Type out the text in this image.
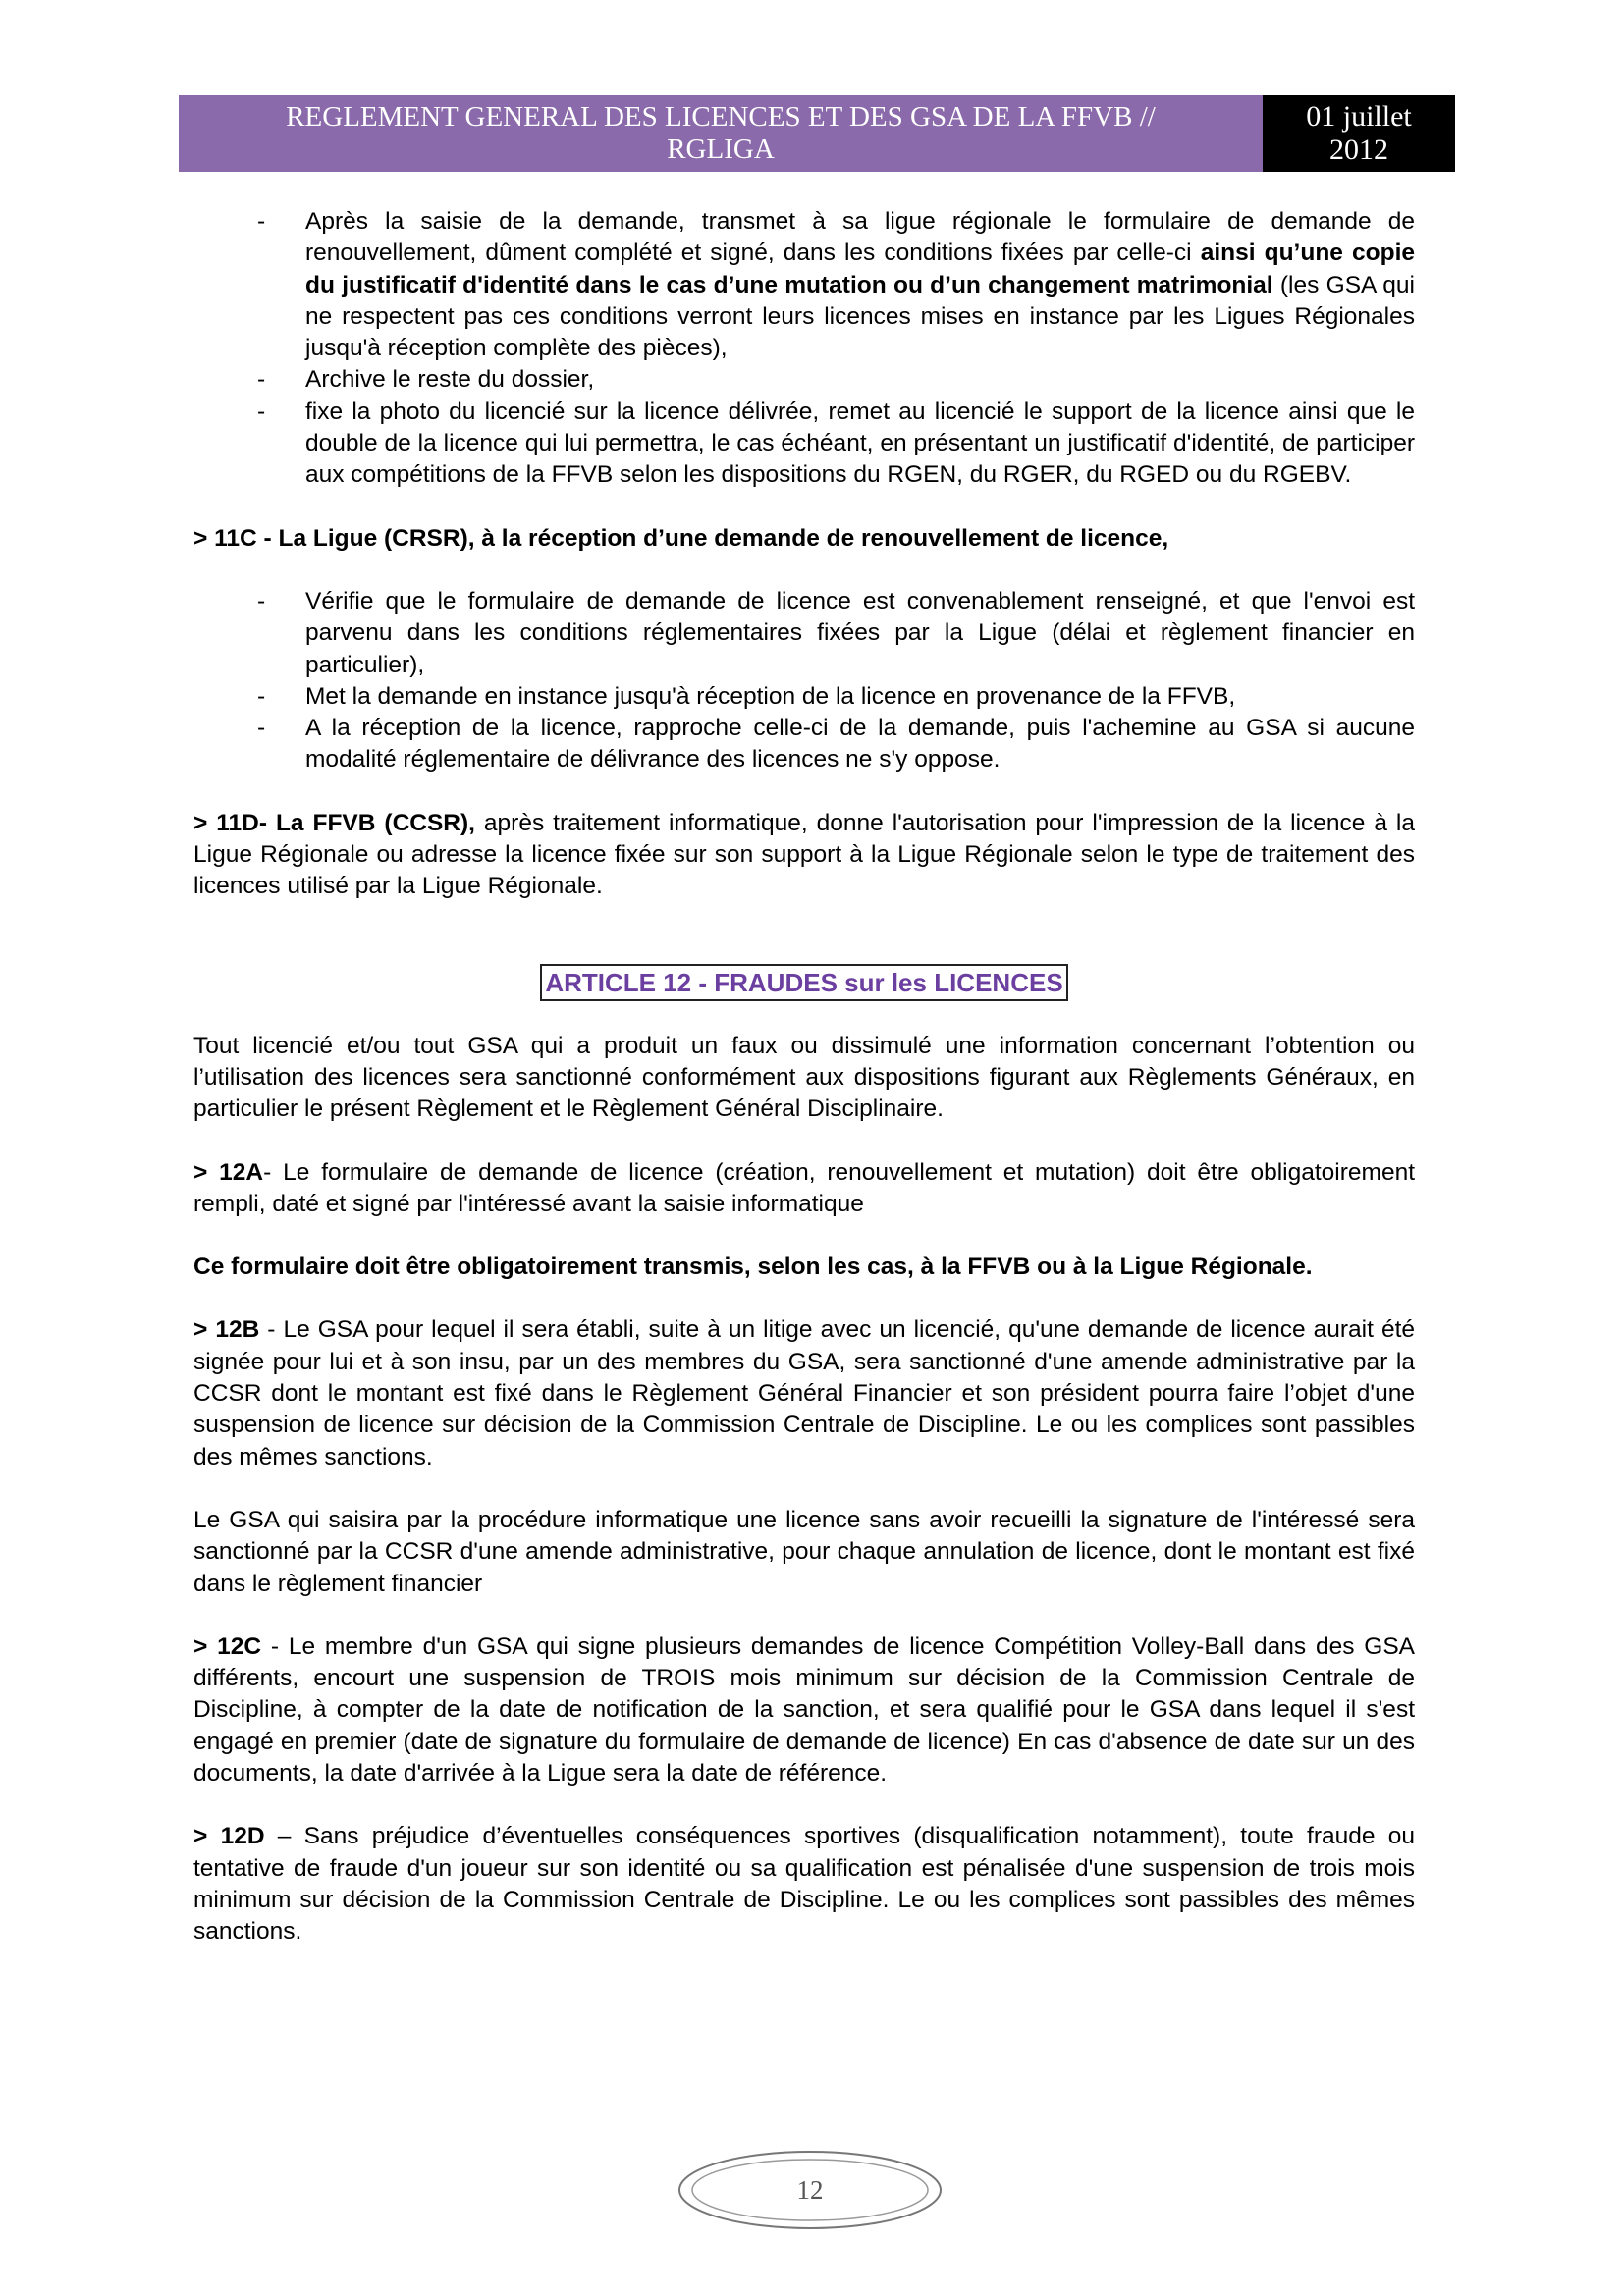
REGLEMENT GENERAL DES LICENCES ET DES GSA DE LA FFVB //
RGLIGA
01 juillet
2012
-	Après la saisie de la demande, transmet à sa ligue régionale le formulaire de demande de renouvellement, dûment complété et signé, dans les conditions fixées par celle-ci ainsi qu’une copie du justificatif d'identité dans le cas d’une mutation ou d’un changement matrimonial (les GSA qui ne respectent pas ces conditions verront leurs licences mises en instance par les Ligues Régionales jusqu'à réception complète des pièces),
-	Archive le reste du dossier,
-	fixe la photo du licencié sur la licence délivrée, remet au licencié le support de la licence ainsi que le double de la licence qui lui permettra, le cas échéant, en présentant un justificatif d'identité, de participer aux compétitions de la FFVB selon les dispositions du RGEN, du RGER, du RGED ou du RGEBV.

> 11C - La Ligue (CRSR), à la réception d’une demande de renouvellement de licence,

-	Vérifie que le formulaire de demande de licence est convenablement renseigné, et que l'envoi est parvenu dans les conditions réglementaires fixées par la Ligue (délai et règlement financier en particulier),
-	Met la demande en instance jusqu'à réception de la licence en provenance de la FFVB,
-	A la réception de la licence, rapproche celle-ci de la demande, puis l'achemine au GSA si aucune modalité réglementaire de délivrance des licences ne s'y oppose.

> 11D- La FFVB (CCSR), après traitement informatique, donne l'autorisation pour l'impression de la licence à la Ligue Régionale ou adresse la licence fixée sur son support à la Ligue Régionale selon le type de traitement des licences utilisé par la Ligue Régionale.

ARTICLE 12 - FRAUDES sur les LICENCES

Tout licencié et/ou tout GSA qui a produit un faux ou dissimulé une information concernant l’obtention ou l’utilisation des licences sera sanctionné conformément aux dispositions figurant aux Règlements Généraux, en particulier le présent Règlement et le Règlement Général Disciplinaire.

> 12A- Le formulaire de demande de licence (création, renouvellement et mutation) doit être obligatoirement rempli, daté et signé par l'intéressé avant la saisie informatique

Ce formulaire doit être obligatoirement transmis, selon les cas, à la FFVB ou à la Ligue Régionale.

> 12B - Le GSA pour lequel il sera établi, suite à un litige avec un licencié, qu'une demande de licence aurait été signée pour lui et à son insu, par un des membres du GSA, sera sanctionné d'une amende administrative par la CCSR dont le montant est fixé dans le Règlement Général Financier et son président pourra faire l’objet d'une suspension de licence sur décision de la Commission Centrale de Discipline. Le ou les complices sont passibles des mêmes sanctions.

Le GSA qui saisira par la procédure informatique une licence sans avoir recueilli la signature de l'intéressé sera sanctionné par la CCSR d'une amende administrative, pour chaque annulation de licence, dont le montant est fixé dans le règlement financier

> 12C - Le membre d'un GSA qui signe plusieurs demandes de licence Compétition Volley-Ball dans des GSA différents, encourt une suspension de TROIS mois minimum sur décision de la Commission Centrale de Discipline, à compter de la date de notification de la sanction, et sera qualifié pour le GSA dans lequel il s'est engagé en premier (date de signature du formulaire de demande de licence) En cas d'absence de date sur un des documents, la date d'arrivée à la Ligue sera la date de référence.

> 12D – Sans préjudice d’éventuelles conséquences sportives (disqualification notamment), toute fraude ou tentative de fraude d'un joueur sur son identité ou sa qualification est pénalisée d'une suspension de trois mois minimum sur décision de la Commission Centrale de Discipline. Le ou les complices sont passibles des mêmes sanctions.

12
